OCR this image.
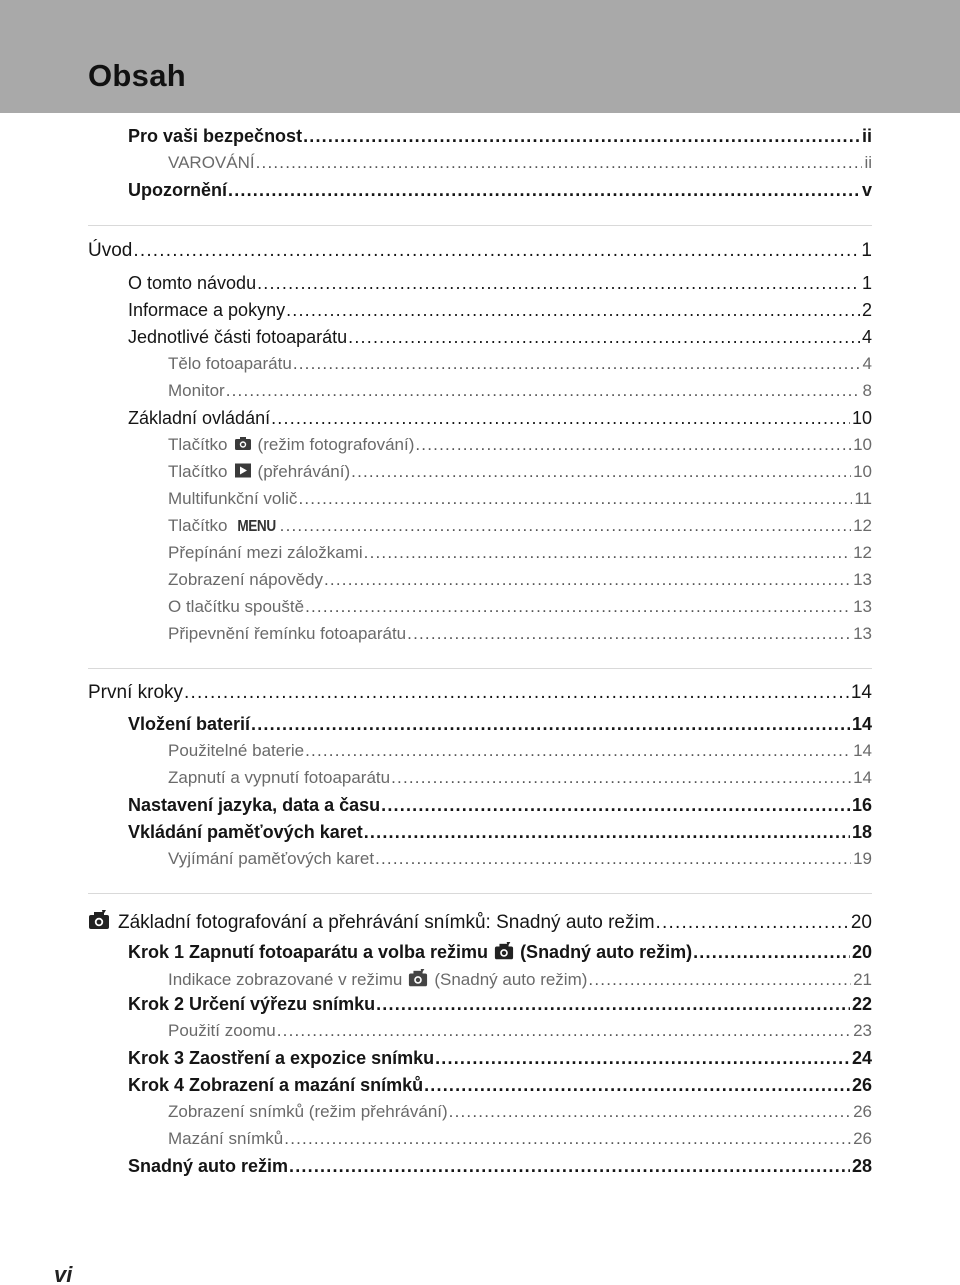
Obsah
Pro vaši bezpečnost .....	ii
VAROVÁNÍ .....	ii
Upozornění .....	v
Úvod .....	1
O tomto návodu .....	1
Informace a pokyny .....	2
Jednotlivé části fotoaparátu .....	4
Tělo fotoaparátu .....	4
Monitor .....	8
Základní ovládání .....	10
Tlačítko (režim fotografování) .....	10
Tlačítko (přehrávání) .....	10
Multifunkční volič .....	11
Tlačítko MENU .....	12
Přepínání mezi záložkami .....	12
Zobrazení nápovědy .....	13
O tlačítku spouště .....	13
Připevnění řemínku fotoaparátu .....	13
První kroky .....	14
Vložení baterií .....	14
Použitelné baterie .....	14
Zapnutí a vypnutí fotoaparátu .....	14
Nastavení jazyka, data a času .....	16
Vkládání paměťových karet .....	18
Vyjímání paměťových karet .....	19
Základní fotografování a přehrávání snímků: Snadný auto režim .....	20
Krok 1 Zapnutí fotoaparátu a volba režimu (Snadný auto režim) .....	20
Indikace zobrazované v režimu (Snadný auto režim) .....	21
Krok 2 Určení výřezu snímku .....	22
Použití zoomu .....	23
Krok 3 Zaostření a expozice snímku .....	24
Krok 4 Zobrazení a mazání snímků .....	26
Zobrazení snímků (režim přehrávání) .....	26
Mazání snímků .....	26
Snadný auto režim .....	28
vi
